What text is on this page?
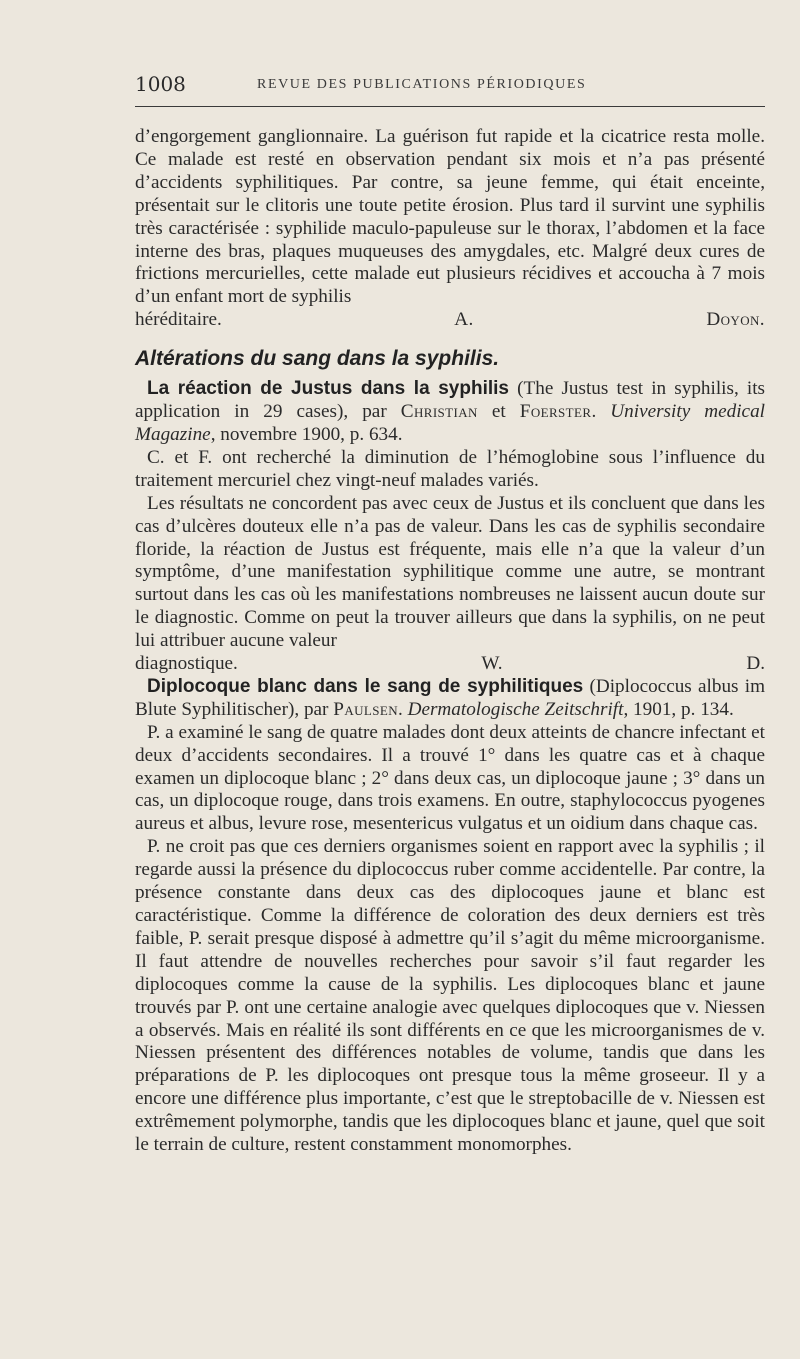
1008	REVUE DES PUBLICATIONS PÉRIODIQUES

d’engorgement ganglionnaire. La guérison fut rapide et la cicatrice resta molle. Ce malade est resté en observation pendant six mois et n’a pas présenté d’accidents syphilitiques. Par contre, sa jeune femme, qui était enceinte, présentait sur le clitoris une toute petite érosion. Plus tard il survint une syphilis très caractérisée : syphilide maculo-papuleuse sur le thorax, l’abdomen et la face interne des bras, plaques muqueuses des amygdales, etc. Malgré deux cures de frictions mercurielles, cette malade eut plusieurs récidives et accoucha à 7 mois d’un enfant mort de syphilis

héréditaire.	A. Doyon.

Altérations du sang dans la syphilis.

La réaction de Justus dans la syphilis (The Justus test in syphilis, its application in 29 cases), par Christian et Foerster. University medical Magazine, novembre 1900, p. 634.

C. et F. ont recherché la diminution de l’hémoglobine sous l’influence du traitement mercuriel chez vingt-neuf malades variés.

Les résultats ne concordent pas avec ceux de Justus et ils concluent que dans les cas d’ulcères douteux elle n’a pas de valeur. Dans les cas de syphilis secondaire floride, la réaction de Justus est fréquente, mais elle n’a que la valeur d’un symptôme, d’une manifestation syphilitique comme une autre, se montrant surtout dans les cas où les manifestations nombreuses ne laissent aucun doute sur le diagnostic. Comme on peut la trouver ailleurs que dans la syphilis, on ne peut lui attribuer aucune valeur

diagnostique.	W. D.

Diplocoque blanc dans le sang de syphilitiques (Diplococcus albus im Blute Syphilitischer), par Paulsen. Dermatologische Zeitschrift, 1901, p. 134.

P. a examiné le sang de quatre malades dont deux atteints de chancre infectant et deux d’accidents secondaires. Il a trouvé 1° dans les quatre cas et à chaque examen un diplocoque blanc ; 2° dans deux cas, un diplocoque jaune ; 3° dans un cas, un diplocoque rouge, dans trois examens. En outre, staphylococcus pyogenes aureus et albus, levure rose, mesentericus vulgatus et un oidium dans chaque cas.

P. ne croit pas que ces derniers organismes soient en rapport avec la syphilis ; il regarde aussi la présence du diplococcus ruber comme accidentelle. Par contre, la présence constante dans deux cas des diplocoques jaune et blanc est caractéristique. Comme la différence de coloration des deux derniers est très faible, P. serait presque disposé à admettre qu’il s’agit du même microorganisme. Il faut attendre de nouvelles recherches pour savoir s’il faut regarder les diplocoques comme la cause de la syphilis. Les diplocoques blanc et jaune trouvés par P. ont une certaine analogie avec quelques diplocoques que v. Niessen a observés. Mais en réalité ils sont différents en ce que les microorganismes de v. Niessen présentent des différences notables de volume, tandis que dans les préparations de P. les diplocoques ont presque tous la même groseeur. Il y a encore une différence plus importante, c’est que le streptobacille de v. Niessen est extrêmement polymorphe, tandis que les diplocoques blanc et jaune, quel que soit le terrain de culture, restent constamment monomorphes.
